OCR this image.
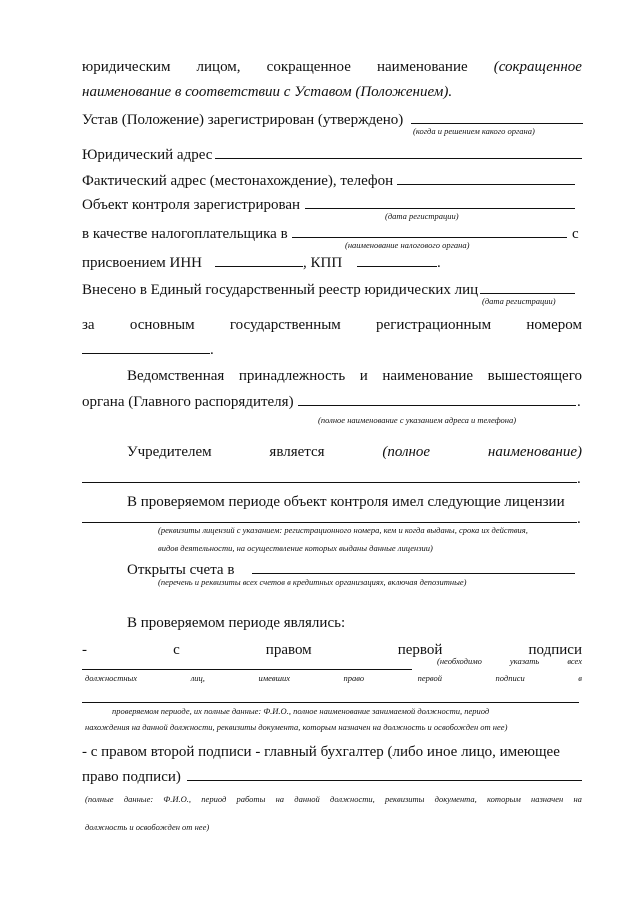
юридическим лицом, сокращенное наименование (сокращенное
наименование в соответствии с Уставом (Положением).
Устав (Положение) зарегистрирован (утверждено)
(когда и решением какого органа)
Юридический адрес
Фактический адрес (местонахождение), телефон
Объект контроля зарегистрирован
(дата регистрации)
в качестве налогоплательщика в	с
(наименование налогового органа)
присвоением ИНН	, КПП	.
Внесено в Единый государственный реестр юридических лиц
(дата регистрации)
за основным государственным регистрационным номером
.
Ведомственная принадлежность и наименование вышестоящего
органа (Главного распорядителя)	.
(полное наименование с указанием адреса и телефона)
Учредителем	является	(полное	наименование)
.
В проверяемом периоде объект контроля имел следующие лицензии
.
(реквизиты лицензий с указанием: регистрационного номера, кем и когда выданы, срока их действия,
видов деятельности, на осуществление которых выданы данные лицензии)
Открыты счета в
(перечень и реквизиты всех счетов в кредитных организациях, включая депозитные)
В проверяемом периоде являлись:
-	с	правом	первой	подписи
(необходимо	указать	всех
должностных	лиц,	имевших	право	первой	подписи	в
проверяемом периоде, их полные данные: Ф.И.О., полное наименование занимаемой должности, период
нахождения на данной должности, реквизиты документа, которым назначен на должность и освобожден от нее)
- с правом второй подписи - главный бухгалтер (либо иное лицо, имеющее
право подписи)
(полные данные: Ф.И.О., период работы на данной должности, реквизиты документа, которым назначен на
должность и освобожден от нее)
